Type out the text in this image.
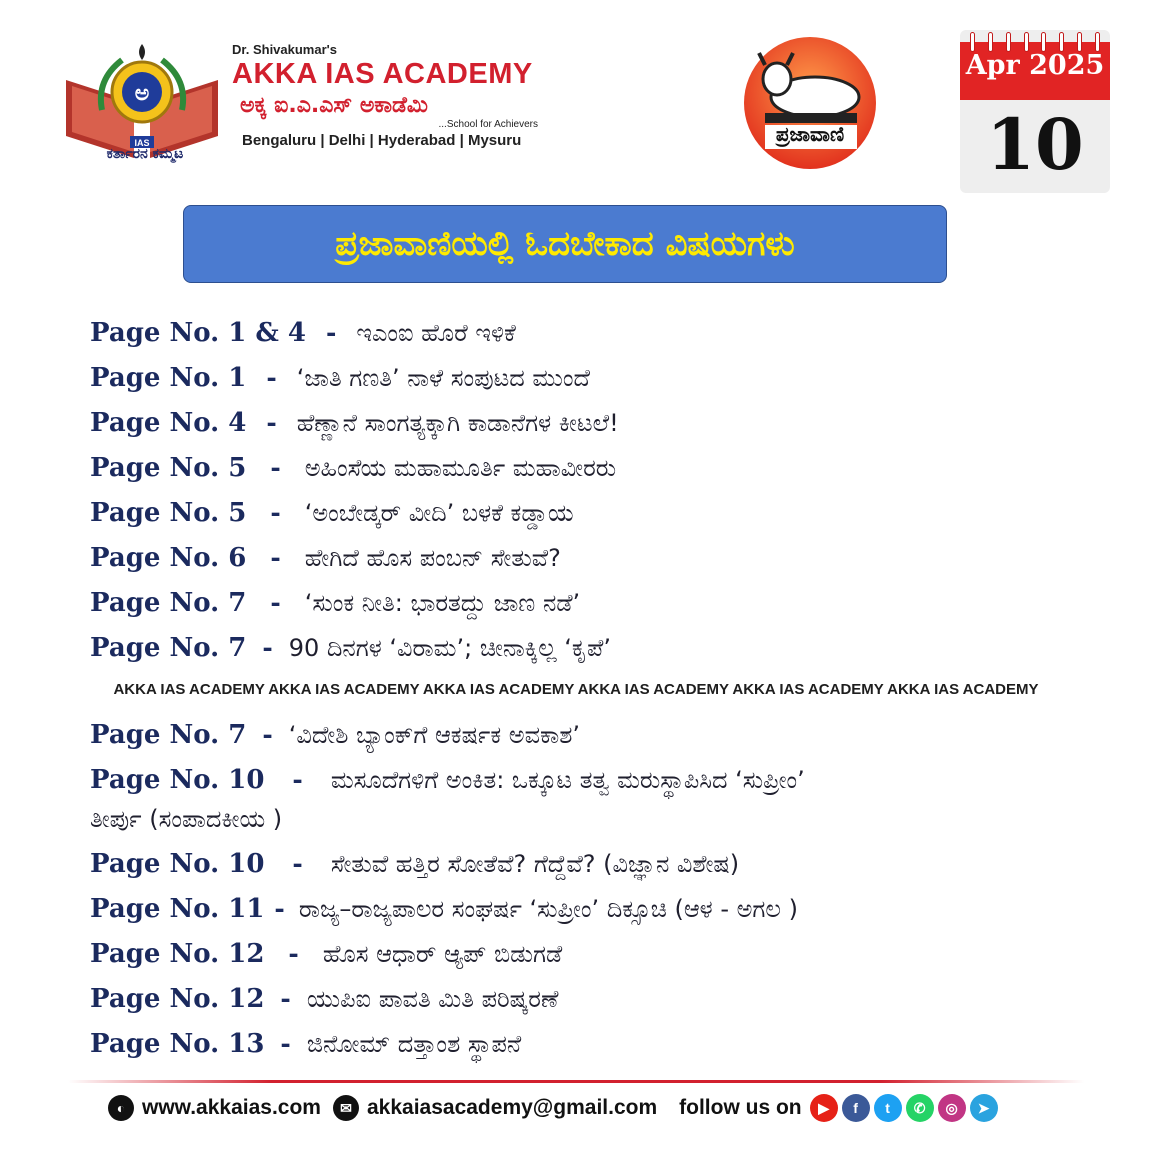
ಅ
IAS
ಕರ್ತಾರನ ಕಮ್ಮಟ
Dr. Shivakumar's
AKKA IAS ACADEMY
ಅಕ್ಕ ಐ.ಎ.ಎಸ್ ಅಕಾಡೆಮಿ
...School for Achievers
Bengaluru | Delhi | Hyderabad | Mysuru	ಪ್ರಜಾವಾಣಿ
Apr 2025
10
ಪ್ರಜಾವಾಣಿಯಲ್ಲಿ ಓದಬೇಕಾದ ವಿಷಯಗಳು
Page No. 1 & 4 - ಇಎಂಐ ಹೊರೆ ಇಳಿಕೆ
Page No. 1 - ‘ಜಾತಿ ಗಣತಿ’ ನಾಳೆ ಸಂಪುಟದ ಮುಂದೆ
Page No. 4 - ಹೆಣ್ಣಾನೆ ಸಾಂಗತ್ಯಕ್ಕಾಗಿ ಕಾಡಾನೆಗಳ ಕೀಟಲೆ!
Page No. 5 - ಅಹಿಂಸೆಯ ಮಹಾಮೂರ್ತಿ ಮಹಾವೀರರು
Page No. 5 - ‘ಅಂಬೇಡ್ಕರ್ ವೀದಿ’ ಬಳಕೆ ಕಡ್ಡಾಯ
Page No. 6 - ಹೇಗಿದೆ ಹೊಸ ಪಂಬನ್ ಸೇತುವೆ?
Page No. 7 - ‘ಸುಂಕ ನೀತಿ: ಭಾರತದ್ದು ಜಾಣ ನಡೆ’
Page No. 7 - 90 ದಿನಗಳ ‘ವಿರಾಮ’; ಚೀನಾಕ್ಕಿಲ್ಲ ‘ಕೃಪೆ’
AKKA IAS ACADEMY AKKA IAS ACADEMY AKKA IAS ACADEMY AKKA IAS ACADEMY AKKA IAS ACADEMY AKKA IAS ACADEMY
Page No. 7 - ‘ವಿದೇಶಿ ಬ್ಯಾಂಕ್‌ಗೆ ಆಕರ್ಷಕ ಅವಕಾಶ’
Page No. 10 - ಮಸೂದೆಗಳಿಗೆ ಅಂಕಿತ: ಒಕ್ಕೂಟ ತತ್ವ ಮರುಸ್ಥಾಪಿಸಿದ ‘ಸುಪ್ರೀಂ’
ತೀರ್ಪು (ಸಂಪಾದಕೀಯ )
Page No. 10 - ಸೇತುವೆ ಹತ್ತಿರ ಸೋತೆವೆ? ಗೆದ್ದೆವೆ? (ವಿಜ್ಞಾನ ವಿಶೇಷ)
Page No. 11 - ರಾಜ್ಯ–ರಾಜ್ಯಪಾಲರ ಸಂಘರ್ಷ ‘ಸುಪ್ರೀಂ’ ದಿಕ್ಸೂಚಿ (ಆಳ - ಅಗಲ )
Page No. 12 - ಹೊಸ ಆಧಾರ್ ಆ್ಯಪ್ ಬಿಡುಗಡೆ
Page No. 12 - ಯುಪಿಐ ಪಾವತಿ ಮಿತಿ ಪರಿಷ್ಕರಣೆ
Page No. 13 - ಜಿನೋಮ್ ದತ್ತಾಂಶ ಸ್ಥಾಪನೆ
◐ www.akkaias.com	✉ akkaiasacademy@gmail.com follow us on	▶	f	t	✆	◎	➤
